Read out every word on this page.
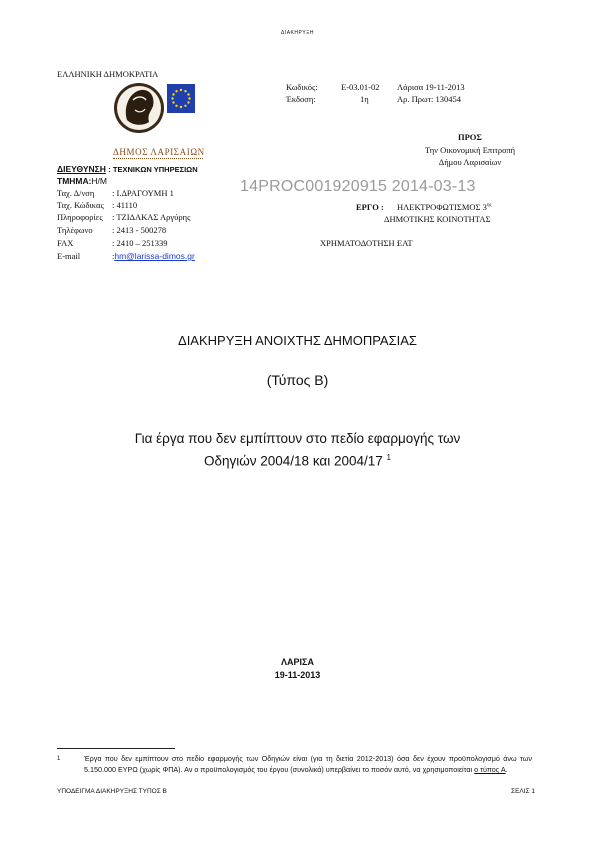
ΔΙΑΚΗΡΥΞΗ
ΕΛΛΗΝΙΚΗ ΔΗΜΟΚΡΑΤΙΑ
ΔΗΜΟΣ ΛΑΡΙΣΑΙΩΝ
ΔΙΕΥΘΥΝΣΗ : ΤΕΧΝΙΚΩΝ ΥΠΗΡΕΣΙΩΝ
ΤΜΗΜΑ: Η/Μ
Ταχ. Δ/νση : Ι.ΔΡΑΓΟΥΜΗ 1
Ταχ. Κώδικας : 41110
Πληροφορίες : ΤΖΙΔΑΚΑΣ Αργύρης
Τηλέφωνο : 2413 - 500278
FAX	: 2410 – 251339
E-mail	:hm@larissa-dimos.gr
Κωδικός:	Ε-03.01-02 Λάρισα 19-11-2013
Έκδοση:	1η	Αρ. Πρωτ: 130454
ΠΡΟΣ
Την Οικονομική Επιτροπή
Δήμου Λαρισαίων
14PROC001920915 2014-03-13
ΕΡΓΟ : ΗΛΕΚΤΡΟΦΩΤΙΣΜΟΣ $3^{\eta\varsigma}$
ΔΗΜΟΤΙΚΗΣ ΚΟΙΝΟΤΗΤΑΣ
ΧΡΗΜΑΤΟΔΟΤΗΣΗ :
ΕΑΤ
ΔΙΑΚΗΡΥΞΗ ΑΝΟΙΧΤΗΣ ΔΗΜΟΠΡΑΣΙΑΣ
(Τύπος Β)
Για έργα που δεν εμπίπτουν στο πεδίο εφαρμογής των
Οδηγιών 2004/18 και 2004/17 $^1$
ΛΑΡΙΣΑ
19-11-2013
1	Έργα που δεν εμπίπτουν στο πεδίο εφαρμογής των Οδηγιών είναι (για τη διετία 2012-2013) όσα δεν έχουν προϋπολογισμό άνω των 5.150.000 ΕΥΡΩ (χωρίς ΦΠΑ). Αν ο προϋπολογισμός του έργου (συνολικά) υπερβαίνει το ποσόν αυτό, να χρησιμοποιείται ο τύπος Α.
ΥΠΟΔΕΙΓΜΑ ΔΙΑΚΗΡΥΞΗΣ ΤΥΠΟΣ Β	ΣΕΛΙΣ 1
